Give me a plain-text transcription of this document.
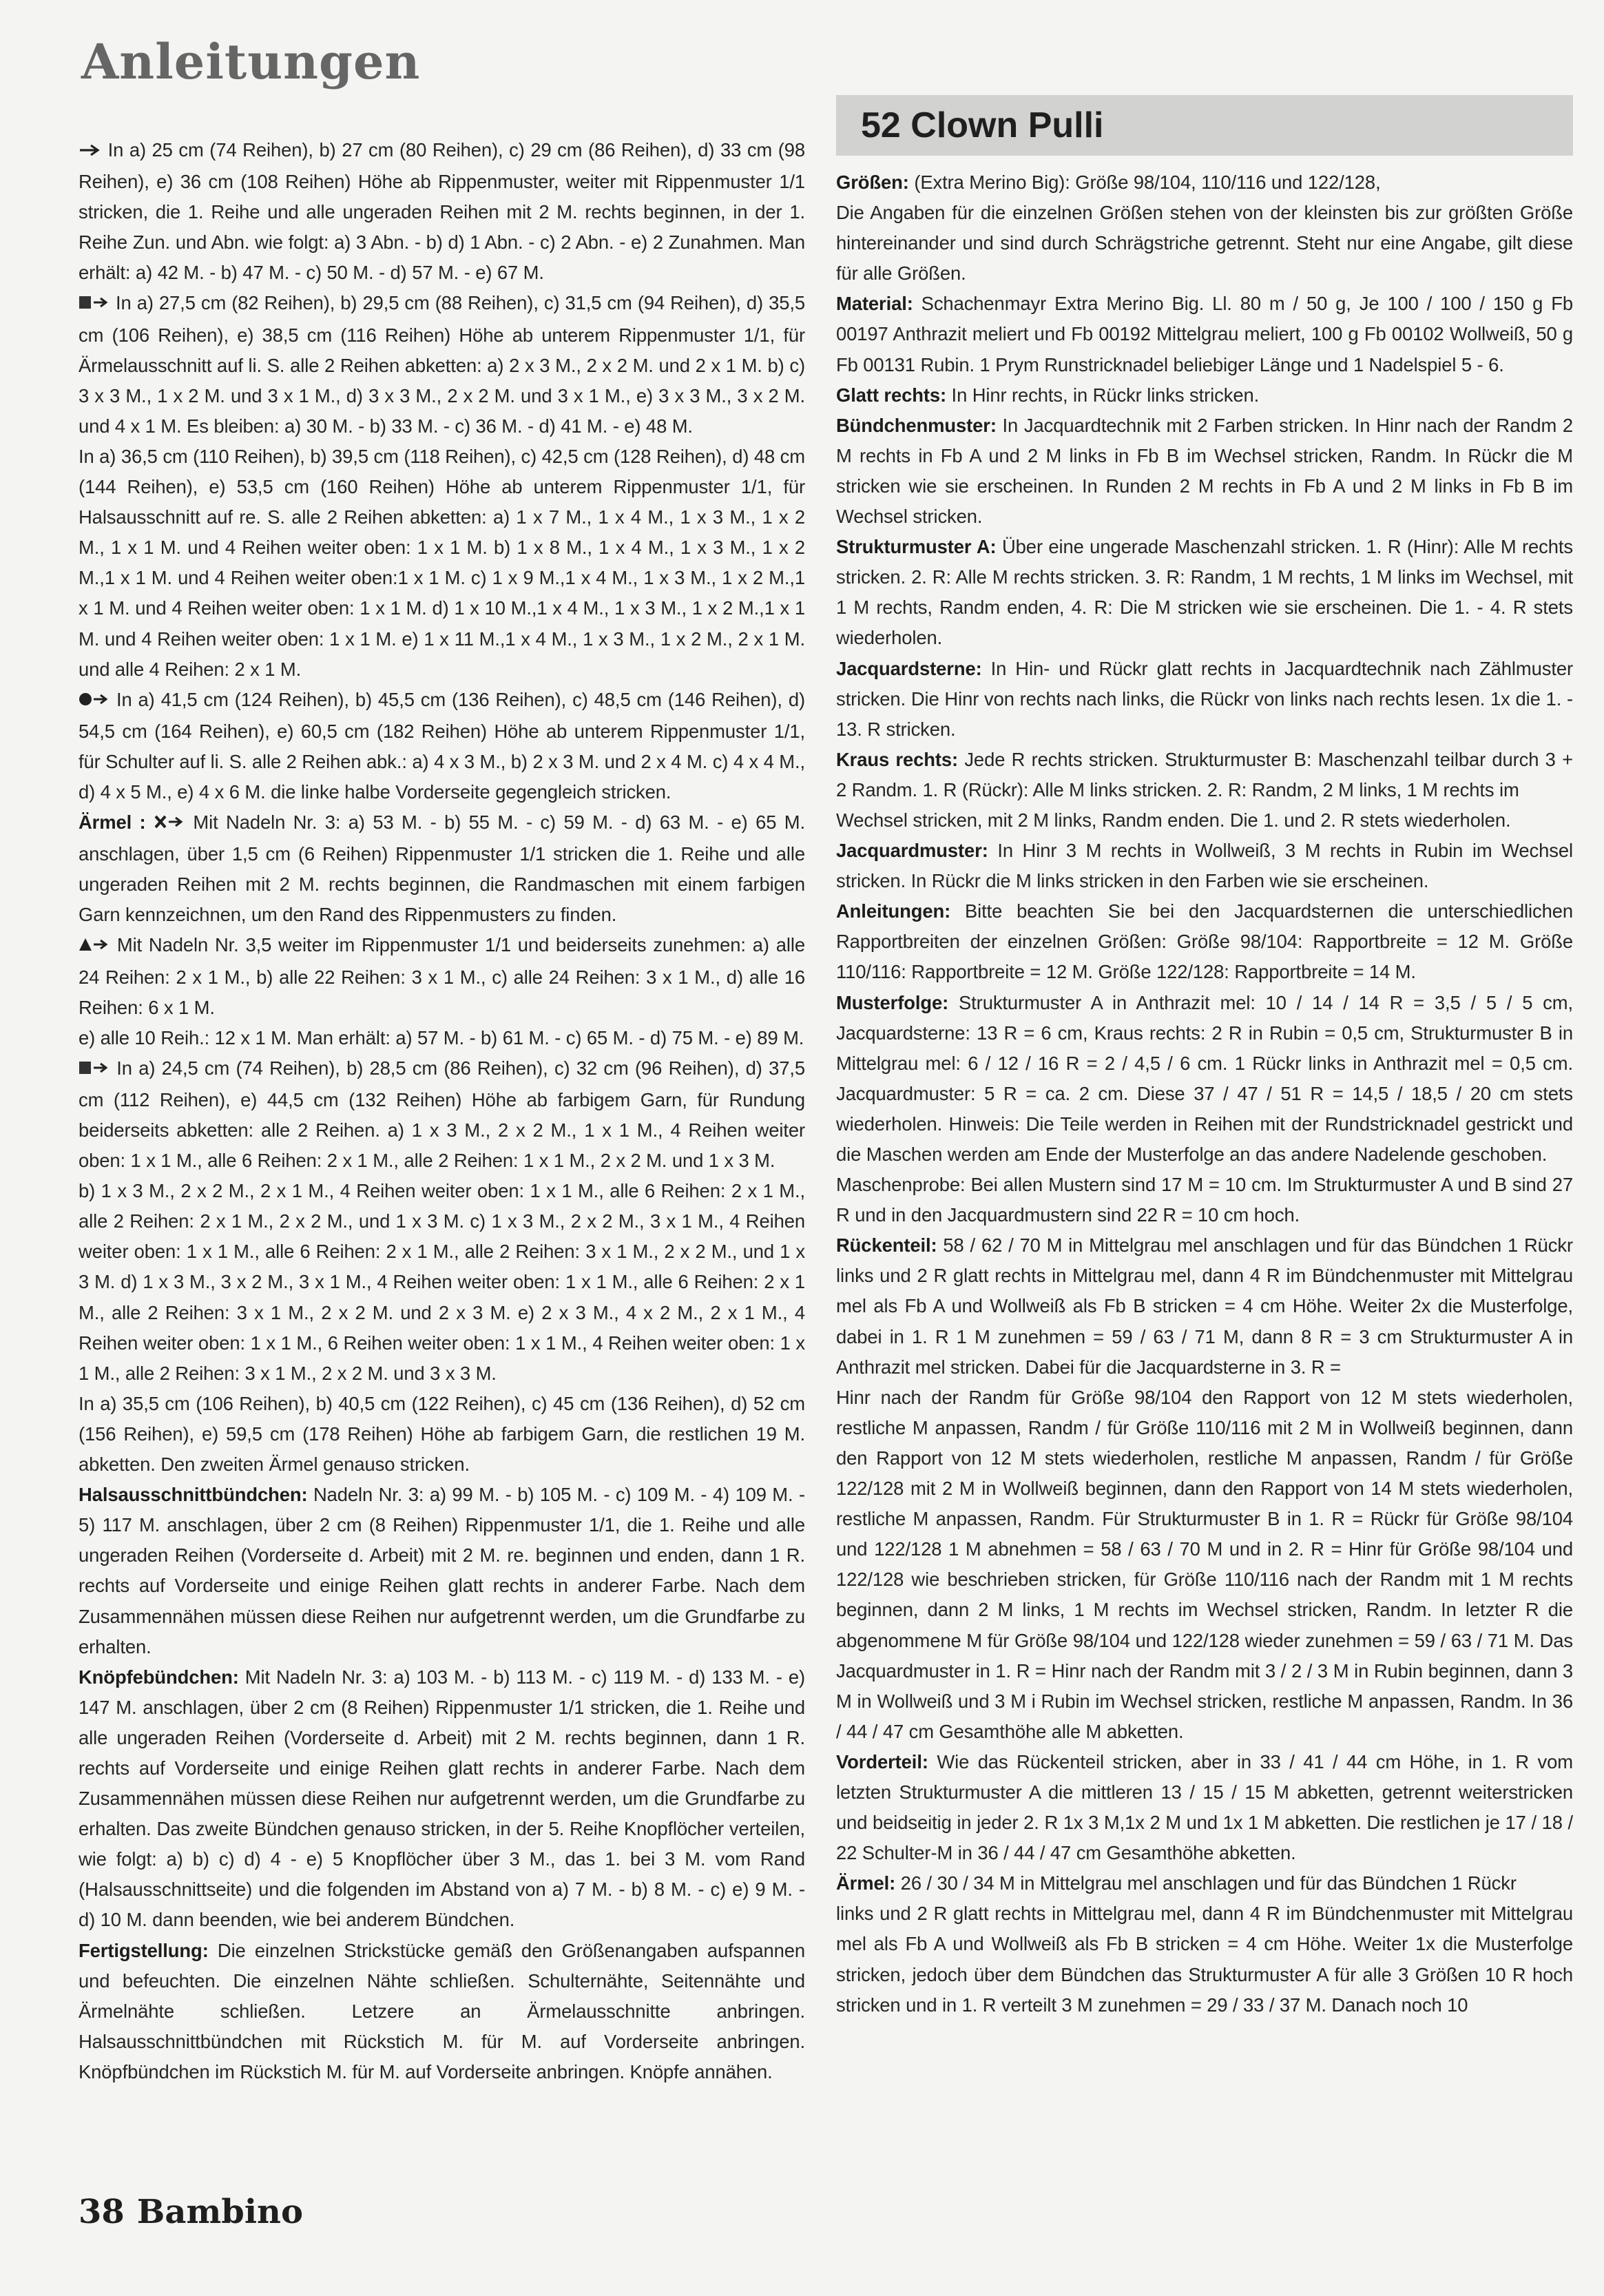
Anleitungen

In a) 25 cm (74 Reihen), b) 27 cm (80 Reihen), c) 29 cm (86 Reihen), d) 33 cm (98 Reihen), e) 36 cm (108 Reihen) Höhe ab Rippenmuster, weiter mit Rippenmuster 1/1 stricken, die 1. Reihe und alle ungeraden Reihen mit 2 M. rechts beginnen, in der 1. Reihe Zun. und Abn. wie folgt: a) 3 Abn. - b) d) 1 Abn. - c) 2 Abn. - e) 2 Zunahmen. Man erhält: a) 42 M. - b) 47 M. - c) 50 M. - d) 57 M. - e) 67 M.

In a) 27,5 cm (82 Reihen), b) 29,5 cm (88 Reihen), c) 31,5 cm (94 Reihen), d) 35,5 cm (106 Reihen), e) 38,5 cm (116 Reihen) Höhe ab unterem Rippenmuster 1/1, für Ärmelausschnitt auf li. S. alle 2 Reihen abketten: a) 2 x 3 M., 2 x 2 M. und 2 x 1 M. b) c) 3 x 3 M., 1 x 2 M. und 3 x 1 M., d) 3 x 3 M., 2 x 2 M. und 3 x 1 M., e) 3 x 3 M., 3 x 2 M. und 4 x 1 M. Es bleiben: a) 30 M. - b) 33 M. - c) 36 M. - d) 41 M. - e) 48 M.

In a) 36,5 cm (110 Reihen), b) 39,5 cm (118 Reihen), c) 42,5 cm (128 Reihen), d) 48 cm (144 Reihen), e) 53,5 cm (160 Reihen) Höhe ab unterem Rippenmuster 1/1, für Halsausschnitt auf re. S. alle 2 Reihen abketten: a) 1 x 7 M., 1 x 4 M., 1 x 3 M., 1 x 2 M., 1 x 1 M. und 4 Reihen weiter oben: 1 x 1 M. b) 1 x 8 M., 1 x 4 M., 1 x 3 M., 1 x 2 M.,1 x 1 M. und 4 Reihen weiter oben:1 x 1 M. c) 1 x 9 M.,1 x 4 M., 1 x 3 M., 1 x 2 M.,1 x 1 M. und 4 Reihen weiter oben: 1 x 1 M. d) 1 x 10 M.,1 x 4 M., 1 x 3 M., 1 x 2 M.,1 x 1 M. und 4 Reihen weiter oben: 1 x 1 M. e) 1 x 11 M.,1 x 4 M., 1 x 3 M., 1 x 2 M., 2 x 1 M. und alle 4 Reihen: 2 x 1 M.

In a) 41,5 cm (124 Reihen), b) 45,5 cm (136 Reihen), c) 48,5 cm (146 Reihen), d) 54,5 cm (164 Reihen), e) 60,5 cm (182 Reihen) Höhe ab unterem Rippenmuster 1/1, für Schulter auf li. S. alle 2 Reihen abk.: a) 4 x 3 M., b) 2 x 3 M. und 2 x 4 M. c) 4 x 4 M., d) 4 x 5 M., e) 4 x 6 M. die linke halbe Vorderseite gegengleich stricken.

Ärmel :  Mit Nadeln Nr. 3: a) 53 M. - b) 55 M. - c) 59 M. - d) 63 M. - e) 65 M. anschlagen, über 1,5 cm (6 Reihen) Rippenmuster 1/1 stricken die 1. Reihe und alle ungeraden Reihen mit 2 M. rechts beginnen, die Randmaschen mit einem farbigen Garn kennzeichnen, um den Rand des Rippenmusters zu finden.

Mit Nadeln Nr. 3,5 weiter im Rippenmuster 1/1 und beiderseits zunehmen: a) alle 24 Reihen: 2 x 1 M., b) alle 22 Reihen: 3 x 1 M., c) alle 24 Reihen: 3 x 1 M., d) alle 16 Reihen: 6 x 1 M.

e) alle 10 Reih.: 12 x 1 M. Man erhält: a) 57 M. - b) 61 M. - c) 65 M. - d) 75 M. - e) 89 M.

In a) 24,5 cm (74 Reihen), b) 28,5 cm (86 Reihen), c) 32 cm (96 Reihen), d) 37,5 cm (112 Reihen), e) 44,5 cm (132 Reihen) Höhe ab farbigem Garn, für Rundung beiderseits abketten: alle 2 Reihen. a) 1 x 3 M., 2 x 2 M., 1 x 1 M., 4 Reihen weiter oben: 1 x 1 M., alle 6 Reihen: 2 x 1 M., alle 2 Reihen: 1 x 1 M., 2 x 2 M. und 1 x 3 M.

b) 1 x 3 M., 2 x 2 M., 2 x 1 M., 4 Reihen weiter oben: 1 x 1 M., alle 6 Reihen: 2 x 1 M., alle 2 Reihen: 2 x 1 M., 2 x 2 M., und 1 x 3 M. c) 1 x 3 M., 2 x 2 M., 3 x 1 M., 4 Reihen weiter oben: 1 x 1 M., alle 6 Reihen: 2 x 1 M., alle 2 Reihen: 3 x 1 M., 2 x 2 M., und 1 x 3 M. d) 1 x 3 M., 3 x 2 M., 3 x 1 M., 4 Reihen weiter oben: 1 x 1 M., alle 6 Reihen: 2 x 1 M., alle 2 Reihen: 3 x 1 M., 2 x 2 M. und 2 x 3 M. e) 2 x 3 M., 4 x 2 M., 2 x 1 M., 4 Reihen weiter oben: 1 x 1 M., 6 Reihen weiter oben: 1 x 1 M., 4 Reihen weiter oben: 1 x 1 M., alle 2 Reihen: 3 x 1 M., 2 x 2 M. und 3 x 3 M.

In a) 35,5 cm (106 Reihen), b) 40,5 cm (122 Reihen), c) 45 cm (136 Reihen), d) 52 cm (156 Reihen), e) 59,5 cm (178 Reihen) Höhe ab farbigem Garn, die restlichen 19 M. abketten. Den zweiten Ärmel genauso stricken.

Halsausschnittbündchen: Nadeln Nr. 3: a) 99 M. - b) 105 M. - c) 109 M. - 4) 109 M. - 5) 117 M. anschlagen, über 2 cm (8 Reihen) Rippenmuster 1/1, die 1. Reihe und alle ungeraden Reihen (Vorderseite d. Arbeit) mit 2 M. re. beginnen und enden, dann 1 R. rechts auf Vorderseite und einige Reihen glatt rechts in anderer Farbe. Nach dem Zusammennähen müssen diese Reihen nur aufgetrennt werden, um die Grundfarbe zu erhalten.

Knöpfebündchen: Mit Nadeln Nr. 3: a) 103 M. - b) 113 M. - c) 119 M. - d) 133 M. - e) 147 M. anschlagen, über 2 cm (8 Reihen) Rippenmuster 1/1 stricken, die 1. Reihe und alle ungeraden Reihen (Vorderseite d. Arbeit) mit 2 M. rechts beginnen, dann 1 R. rechts auf Vorderseite und einige Reihen glatt rechts in anderer Farbe. Nach dem Zusammennähen müssen diese Reihen nur aufgetrennt werden, um die Grundfarbe zu erhalten. Das zweite Bündchen genauso stricken, in der 5. Reihe Knopflöcher verteilen, wie folgt: a) b) c) d) 4 - e) 5 Knopflöcher über 3 M., das 1. bei 3 M. vom Rand (Halsausschnittseite) und die folgenden im Abstand von a) 7 M. - b) 8 M. - c) e) 9 M. - d) 10 M. dann beenden, wie bei anderem Bündchen.

Fertigstellung: Die einzelnen Strickstücke gemäß den Größenangaben aufspannen und befeuchten. Die einzelnen Nähte schließen. Schulternähte, Seitennähte und Ärmelnähte schließen. Letzere an Ärmelausschnitte anbringen. Halsausschnittbündchen mit Rückstich M. für M. auf Vorderseite anbringen. Knöpfbündchen im Rückstich M. für M. auf Vorderseite anbringen. Knöpfe annähen.

52 Clown Pulli

Größen: (Extra Merino Big): Größe 98/104, 110/116 und 122/128,

Die Angaben für die einzelnen Größen stehen von der kleinsten bis zur größten Größe hintereinander und sind durch Schrägstriche getrennt. Steht nur eine Angabe, gilt diese für alle Größen.

Material: Schachenmayr Extra Merino Big. Ll. 80 m / 50 g, Je 100 / 100 / 150 g Fb 00197 Anthrazit meliert und Fb 00192 Mittelgrau meliert, 100 g Fb 00102 Wollweiß, 50 g Fb 00131 Rubin. 1 Prym Runstricknadel beliebiger Länge und 1 Nadelspiel 5 - 6.

Glatt rechts: In Hinr rechts, in Rückr links stricken.

Bündchenmuster: In Jacquardtechnik mit 2 Farben stricken. In Hinr nach der Randm 2 M rechts in Fb A und 2 M links in Fb B im Wechsel stricken, Randm. In Rückr die M stricken wie sie erscheinen. In Runden 2 M rechts in Fb A und 2 M links in Fb B im Wechsel stricken.

Strukturmuster A: Über eine ungerade Maschenzahl stricken. 1. R (Hinr): Alle M rechts stricken. 2. R: Alle M rechts stricken. 3. R: Randm, 1 M rechts, 1 M links im Wechsel, mit 1 M rechts, Randm enden, 4. R: Die M stricken wie sie erscheinen. Die 1. - 4. R stets wiederholen.

Jacquardsterne: In Hin- und Rückr glatt rechts in Jacquardtechnik nach Zählmuster stricken. Die Hinr von rechts nach links, die Rückr von links nach rechts lesen. 1x die 1. - 13. R stricken.

Kraus rechts: Jede R rechts stricken. Strukturmuster B: Maschenzahl teilbar durch 3 + 2 Randm. 1. R (Rückr): Alle M links stricken. 2. R: Randm, 2 M links, 1 M rechts im

Wechsel stricken, mit 2 M links, Randm enden. Die 1. und 2. R stets wiederholen.

Jacquardmuster: In Hinr 3 M rechts in Wollweiß, 3 M rechts in Rubin im Wechsel stricken. In Rückr die M links stricken in den Farben wie sie erscheinen.

Anleitungen: Bitte beachten Sie bei den Jacquardsternen die unterschiedlichen Rapportbreiten der einzelnen Größen: Größe 98/104: Rapportbreite = 12 M. Größe 110/116: Rapportbreite = 12 M. Größe 122/128: Rapportbreite = 14 M.

Musterfolge: Strukturmuster A in Anthrazit mel: 10 / 14 / 14 R = 3,5 / 5 / 5 cm, Jacquardsterne: 13 R = 6 cm, Kraus rechts: 2 R in Rubin = 0,5 cm, Strukturmuster B in Mittelgrau mel: 6 / 12 / 16 R = 2 / 4,5 / 6 cm. 1 Rückr links in Anthrazit mel = 0,5 cm. Jacquardmuster: 5 R = ca. 2 cm. Diese 37 / 47 / 51 R = 14,5 / 18,5 / 20 cm stets wiederholen. Hinweis: Die Teile werden in Reihen mit der Rundstricknadel gestrickt und die Maschen werden am Ende der Musterfolge an das andere Nadelende geschoben.

Maschenprobe: Bei allen Mustern sind 17 M = 10 cm. Im Strukturmuster A und B sind 27 R und in den Jacquardmustern sind 22 R = 10 cm hoch.

Rückenteil: 58 / 62 / 70 M in Mittelgrau mel anschlagen und für das Bündchen 1 Rückr links und 2 R glatt rechts in Mittelgrau mel, dann 4 R im Bündchenmuster mit Mittelgrau mel als Fb A und Wollweiß als Fb B stricken = 4 cm Höhe. Weiter 2x die Musterfolge, dabei in 1. R 1 M zunehmen = 59 / 63 / 71 M, dann 8 R = 3 cm Strukturmuster A in Anthrazit mel stricken. Dabei für die Jacquardsterne in 3. R =

Hinr nach der Randm für Größe 98/104 den Rapport von 12 M stets wiederholen, restliche M anpassen, Randm / für Größe 110/116 mit 2 M in Wollweiß beginnen, dann den Rapport von 12 M stets wiederholen, restliche M anpassen, Randm / für Größe 122/128 mit 2 M in Wollweiß beginnen, dann den Rapport von 14 M stets wiederholen, restliche M anpassen, Randm. Für Strukturmuster B in 1. R = Rückr für Größe 98/104 und 122/128 1 M abnehmen = 58 / 63 / 70 M und in 2. R = Hinr für Größe 98/104 und 122/128 wie beschrieben stricken, für Größe 110/116 nach der Randm mit 1 M rechts beginnen, dann 2 M links, 1 M rechts im Wechsel stricken, Randm. In letzter R die abgenommene M für Größe 98/104 und 122/128 wieder zunehmen = 59 / 63 / 71 M. Das Jacquardmuster in 1. R = Hinr nach der Randm mit 3 / 2 / 3 M in Rubin beginnen, dann 3 M in Wollweiß und 3 M i Rubin im Wechsel stricken, restliche M anpassen, Randm. In 36 / 44 / 47 cm Gesamthöhe alle M abketten.

Vorderteil: Wie das Rückenteil stricken, aber in 33 / 41 / 44 cm Höhe, in 1. R vom letzten Strukturmuster A die mittleren 13 / 15 / 15 M abketten, getrennt weiterstricken und beidseitig in jeder 2. R 1x 3 M,1x 2 M und 1x 1 M abketten. Die restlichen je 17 / 18 / 22 Schulter-M in 36 / 44 / 47 cm Gesamthöhe abketten.

Ärmel: 26 / 30 / 34 M in Mittelgrau mel anschlagen und für das Bündchen 1 Rückr

links und 2 R glatt rechts in Mittelgrau mel, dann 4 R im Bündchenmuster mit Mittelgrau mel als Fb A und Wollweiß als Fb B stricken = 4 cm Höhe. Weiter 1x die Musterfolge stricken, jedoch über dem Bündchen das Strukturmuster A für alle 3 Größen 10 R hoch stricken und in 1. R verteilt 3 M zunehmen = 29 / 33 / 37 M. Danach noch 10

38 Bambino
